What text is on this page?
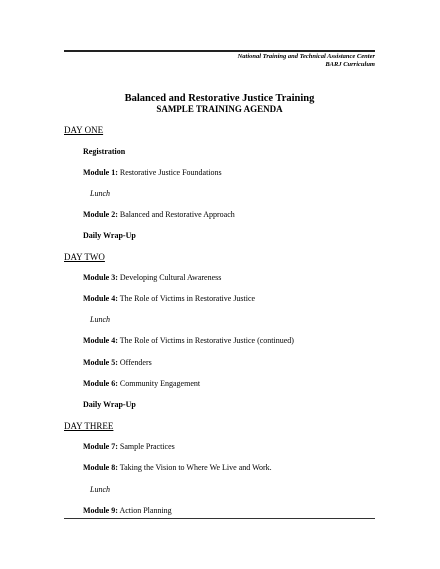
National Training and Technical Assistance Center
BARJ Curriculum
Balanced and Restorative Justice Training
SAMPLE TRAINING AGENDA
DAY ONE
Registration
Module 1: Restorative Justice Foundations
Lunch
Module 2: Balanced and Restorative Approach
Daily Wrap-Up
DAY TWO
Module 3: Developing Cultural Awareness
Module 4: The Role of Victims in Restorative Justice
Lunch
Module 4: The Role of Victims in Restorative Justice (continued)
Module 5: Offenders
Module 6: Community Engagement
Daily Wrap-Up
DAY THREE
Module 7: Sample Practices
Module 8: Taking the Vision to Where We Live and Work.
Lunch
Module 9: Action Planning
